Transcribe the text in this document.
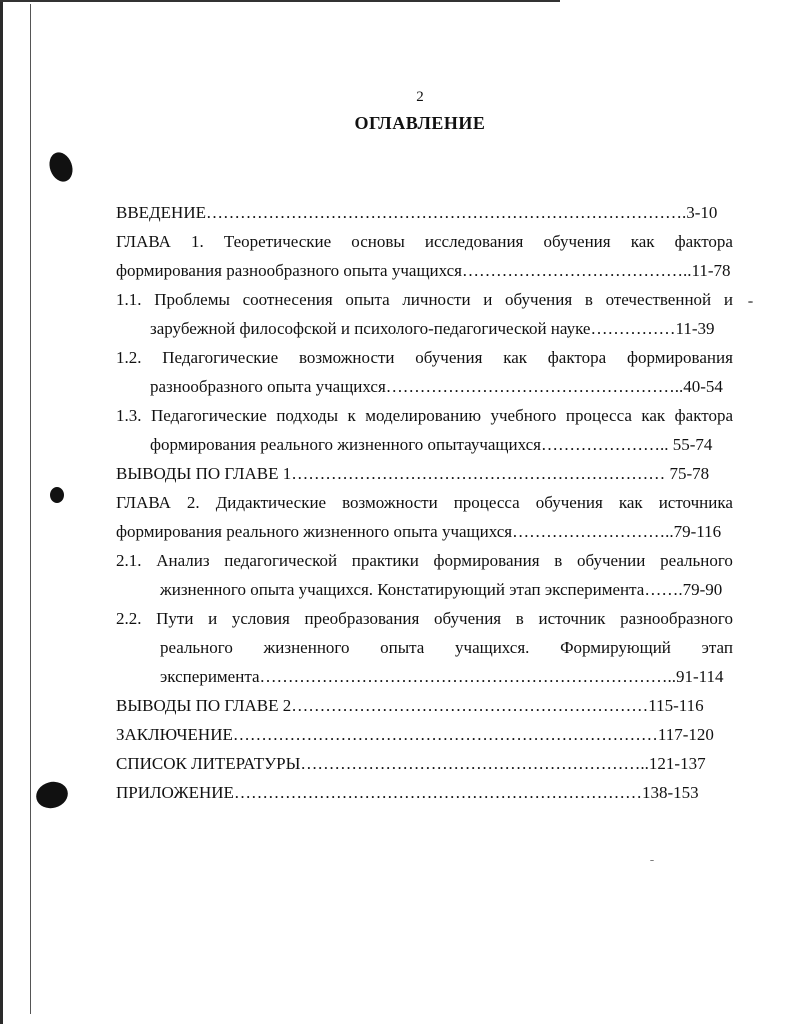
2
ОГЛАВЛЕНИЕ
ВВЕДЕНИЕ………………………………………………………………………….3-10
ГЛАВА 1. Теоретические основы исследования обучения как фактора
формирования разнообразного опыта учащихся…………………………………..11-78
1.1. Проблемы соотнесения опыта личности и обучения в отечественной и
зарубежной философской и психолого-педагогической науке……………11-39
1.2. Педагогические возможности обучения как фактора формирования
разнообразного опыта учащихся……………………………………………..40-54
1.3. Педагогические подходы к моделированию учебного процесса как фактора
формирования реального жизненного опытаучащихся………………….. 55-74
ВЫВОДЫ ПО ГЛАВЕ 1………………………………………………………… 75-78
ГЛАВА 2. Дидактические возможности процесса обучения как источника
формирования реального жизненного опыта учащихся………………………..79-116
2.1. Анализ педагогической практики формирования в обучении реального
жизненного опыта учащихся. Констатирующий этап эксперимента…….79-90
2.2. Пути и условия преобразования обучения в источник разнообразного
реального жизненного опыта учащихся. Формирующий этап
эксперимента………………………………………………………………..91-114
ВЫВОДЫ ПО ГЛАВЕ 2………………………………………………………115-116
ЗАКЛЮЧЕНИЕ…………………………………………………………………117-120
СПИСОК ЛИТЕРАТУРЫ……………………………………………………..121-137
ПРИЛОЖЕНИЕ………………………………………………………………138-153
